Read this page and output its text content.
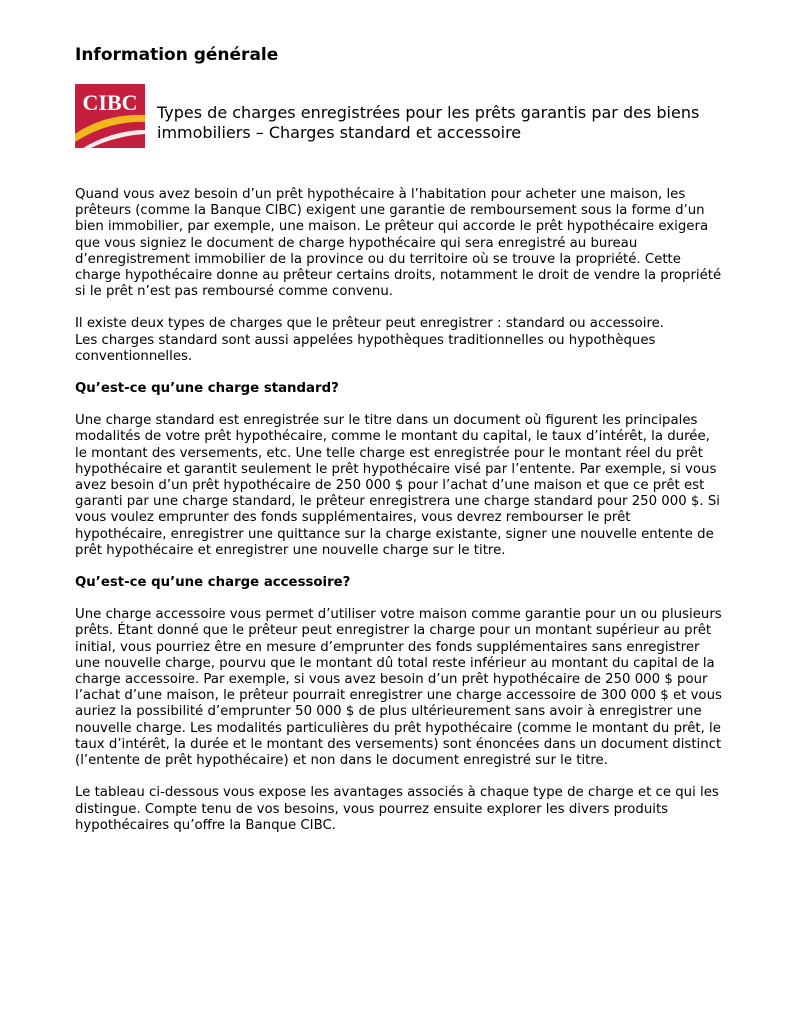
Information générale
CIBC Types de charges enregistrées pour les prêts garantis par des biens
immobiliers – Charges standard et accessoire

Quand vous avez besoin d’un prêt hypothécaire à l’habitation pour acheter une maison, les prêteurs (comme la Banque CIBC) exigent une garantie de remboursement sous la forme d’un bien immobilier, par exemple, une maison. Le prêteur qui accorde le prêt hypothécaire exigera que vous signiez le document de charge hypothécaire qui sera enregistré au bureau d’enregistrement immobilier de la province ou du territoire où se trouve la propriété. Cette charge hypothécaire donne au prêteur certains droits, notamment le droit de vendre la propriété si le prêt n’est pas remboursé comme convenu.

Il existe deux types de charges que le prêteur peut enregistrer : standard ou accessoire.
Les charges standard sont aussi appelées hypothèques traditionnelles ou hypothèques conventionnelles.

Qu’est-ce qu’une charge standard?

Une charge standard est enregistrée sur le titre dans un document où figurent les principales modalités de votre prêt hypothécaire, comme le montant du capital, le taux d’intérêt, la durée, le montant des versements, etc. Une telle charge est enregistrée pour le montant réel du prêt hypothécaire et garantit seulement le prêt hypothécaire visé par l’entente. Par exemple, si vous avez besoin d’un prêt hypothécaire de 250 000 $ pour l’achat d’une maison et que ce prêt est garanti par une charge standard, le prêteur enregistrera une charge standard pour 250 000 $. Si vous voulez emprunter des fonds supplémentaires, vous devrez rembourser le prêt hypothécaire, enregistrer une quittance sur la charge existante, signer une nouvelle entente de prêt hypothécaire et enregistrer une nouvelle charge sur le titre.

Qu’est-ce qu’une charge accessoire?

Une charge accessoire vous permet d’utiliser votre maison comme garantie pour un ou plusieurs prêts. Étant donné que le prêteur peut enregistrer la charge pour un montant supérieur au prêt initial, vous pourriez être en mesure d’emprunter des fonds supplémentaires sans enregistrer une nouvelle charge, pourvu que le montant dû total reste inférieur au montant du capital de la charge accessoire. Par exemple, si vous avez besoin d’un prêt hypothécaire de 250 000 $ pour l’achat d’une maison, le prêteur pourrait enregistrer une charge accessoire de 300 000 $ et vous auriez la possibilité d’emprunter 50 000 $ de plus ultérieurement sans avoir à enregistrer une nouvelle charge. Les modalités particulières du prêt hypothécaire (comme le montant du prêt, le taux d’intérêt, la durée et le montant des versements) sont énoncées dans un document distinct (l’entente de prêt hypothécaire) et non dans le document enregistré sur le titre.

Le tableau ci-dessous vous expose les avantages associés à chaque type de charge et ce qui les distingue. Compte tenu de vos besoins, vous pourrez ensuite explorer les divers produits hypothécaires qu’offre la Banque CIBC.
